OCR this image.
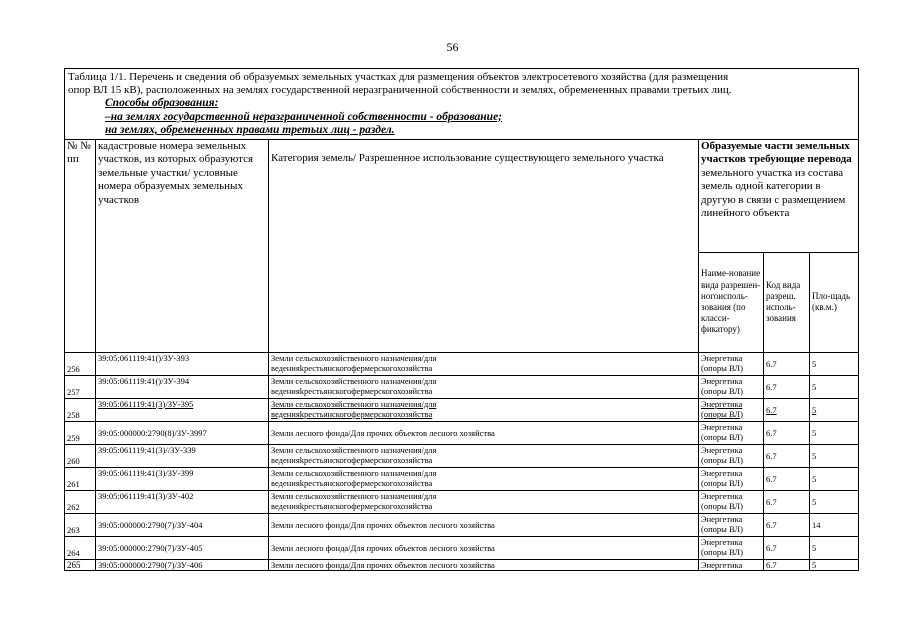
56
Таблица 1/1. Перечень и сведения об образуемых земельных участках для размещения объектов электросетевого хозяйства (для размещения
опор ВЛ 15 кВ), расположенных на землях государственной неразграниченной собственности и землях, обремененных правами третьих лиц.
Способы образования:
–на землях государственной неразграниченной собственности - образование;
на землях, обремененных правами третьих лиц - раздел.					

№ № пп	кадастровые номера земельных участков, из которых образуются земельные участки/ условные номера образуемых земельных участков	Категория земель/ Разрешенное использование существующего земельного участка	Образуемые части земельных участков требующие перевода земельного участка из состава земель одной категории в другую в связи с размещением линейного объекта		
			Наиме-нование вида разрешен-ногоисполь-зования (по класси-фикатору)	Код вида разреш. исполь-зования	Пло-щадь (кв.м.)
256	39:05:061119:41()/ЗУ-393	Земли сельскохозяйственного назначения/для
веденияkрестьянскогофермерскогохозяйства	Энергетика
(опоры ВЛ)	6.7	5
257	39:05:061119:41()/ЗУ-394	Земли сельскохозяйственного назначения/для
веденияkрестьянскогофермерскогохозяйства	Энергетика
(опоры ВЛ)	6.7	5
258	39:05:061119:41(3)/ЗУ-395	Земли сельскохозяйственного назначения/для
веденияkрестьянскогофермерскогохозяйства	Энергетика
(опоры ВЛ)	6.7	5
259	39:05:000000:2790(8)/ЗУ-3997	Земли лесного фонда/Для прочих объектов лесного хозяйства	Энергетика
(опоры ВЛ)	6.7	5
260	39:05:061119:41(3)//ЗУ-339	Земли сельскохозяйственного назначения/для
веденияkрестьянскогофермерскогохозяйства	Энергетика
(опоры ВЛ)	6.7	5
261	39:05:061119:41(3)/ЗУ-399	Земли сельскохозяйственного назначения/для
веденияkрестьянскогофермерскогохозяйства	Энергетика
(опоры ВЛ)	6.7	5
262	39:05:061119:41(3)/ЗУ-402	Земли сельскохозяйственного назначения/для
веденияkрестьянскогофермерскогохозяйства	Энергетика
(опоры ВЛ)	6.7	5
263	39:05:000000:2790(7)/ЗУ-404	Земли лесного фонда/Для прочих объектов лесного хозяйства	Энергетика
(опоры ВЛ)	6.7	14
264	39:05:000000:2790(7)/ЗУ-405	Земли лесного фонда/Для прочих объектов лесного хозяйства	Энергетика
(опоры ВЛ)	6.7	5
265	39:05:000000:2790(7)/ЗУ-406	Земли лесного фонда/Для прочих объектов лесного хозяйства	Энергетика	6.7	5
